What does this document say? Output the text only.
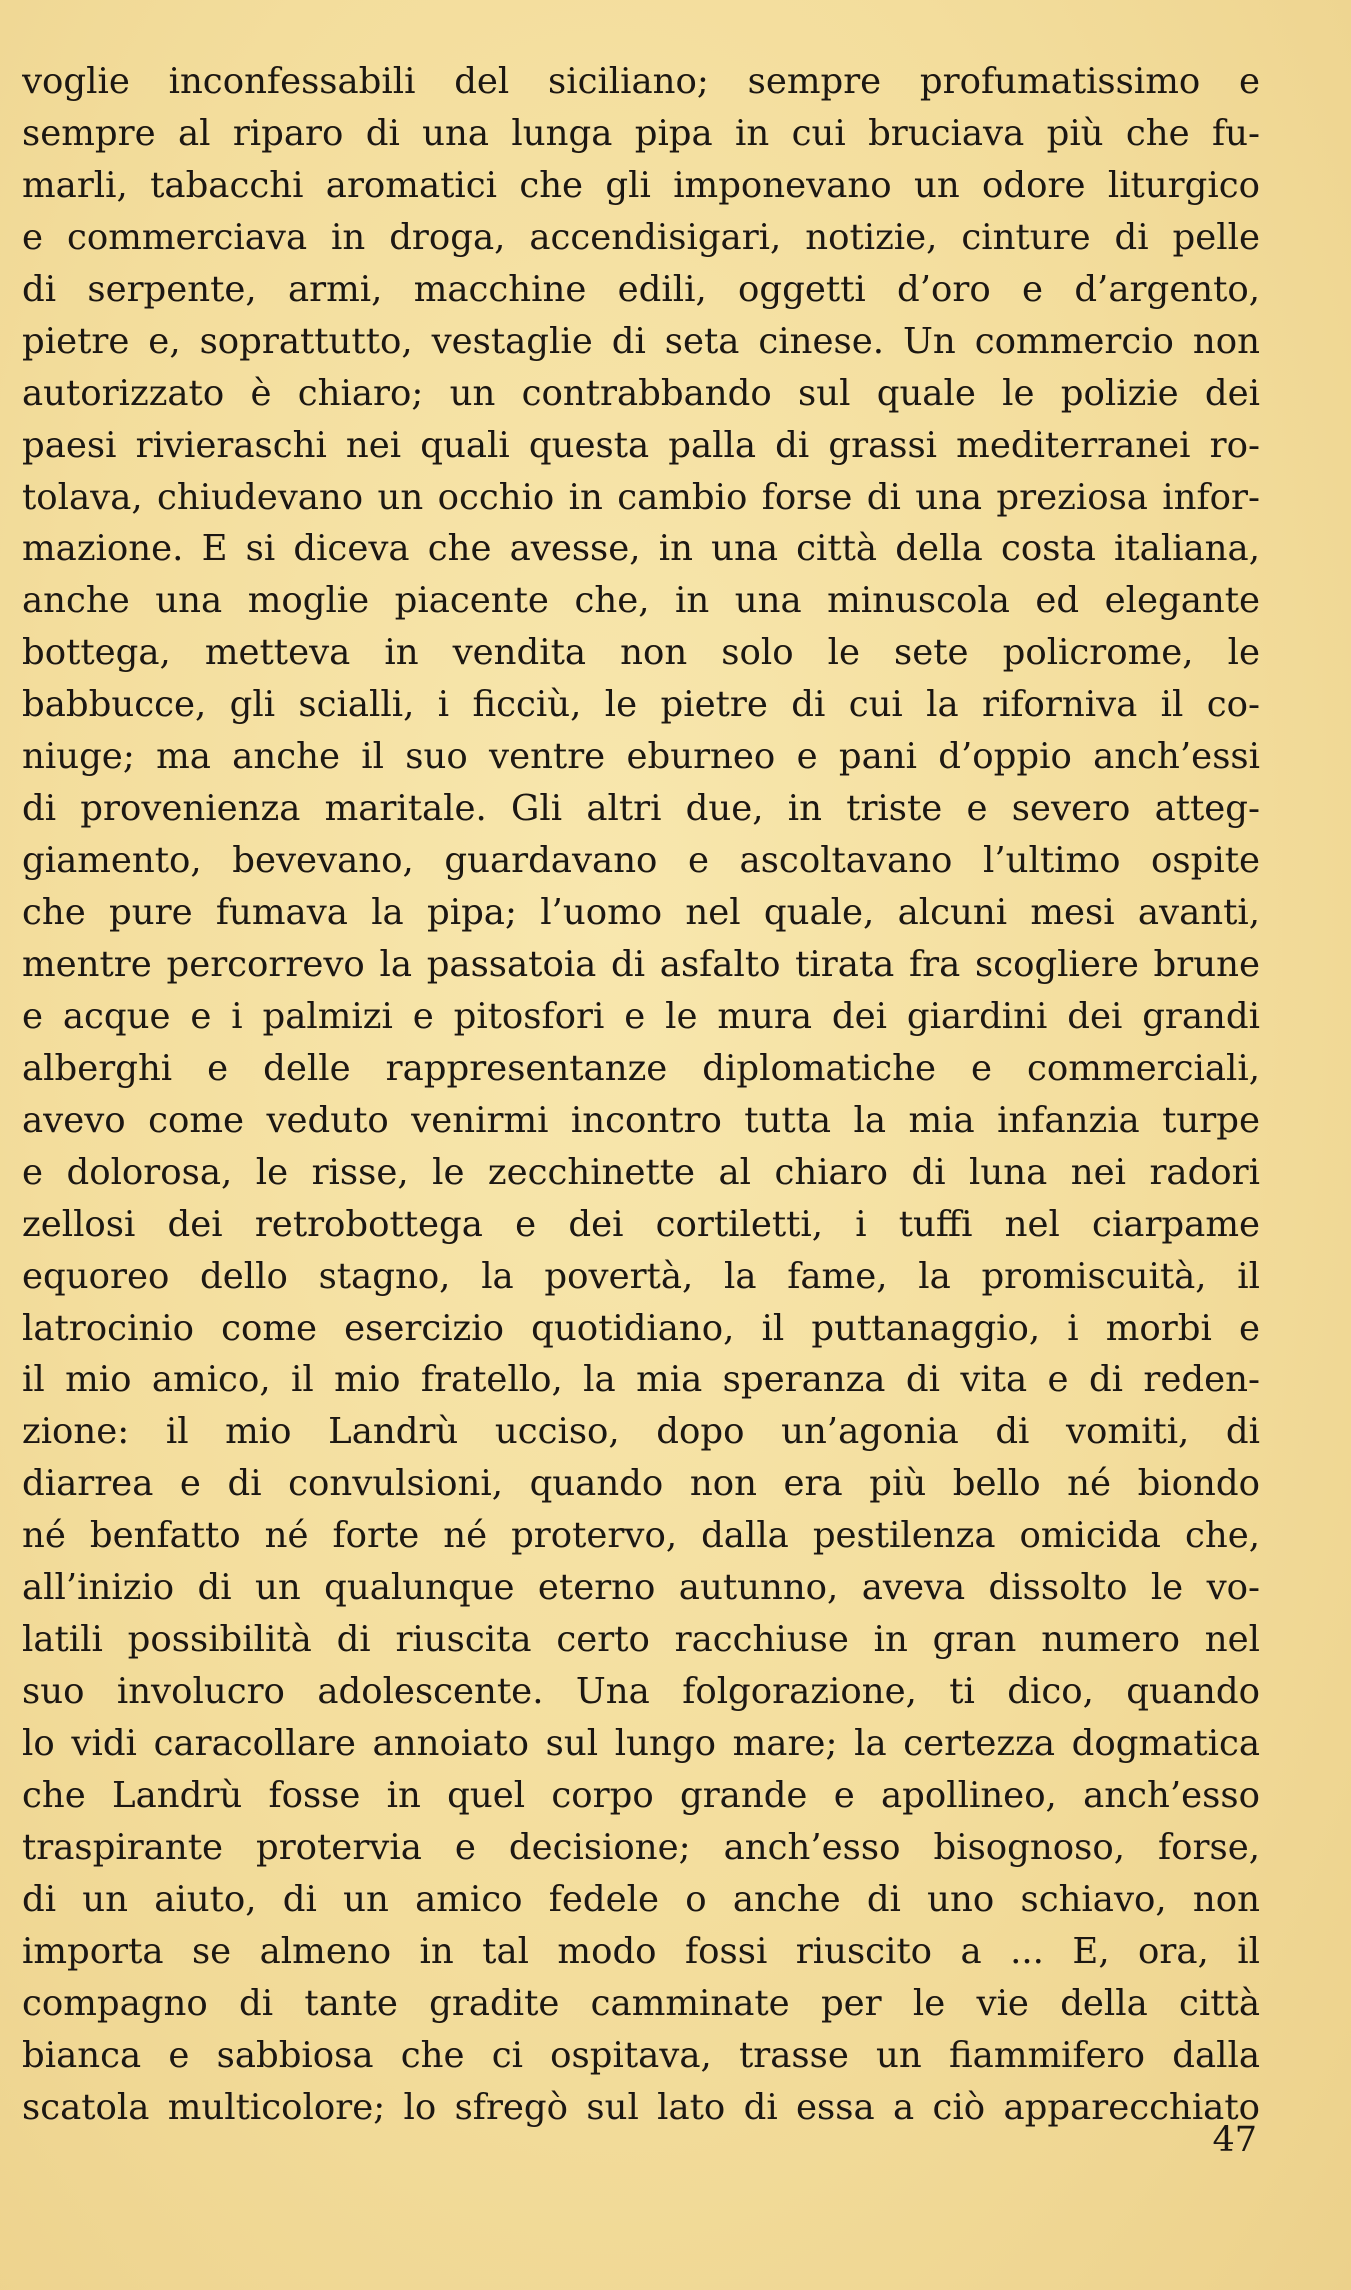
voglie inconfessabili del siciliano; sempre profumatissimo e
sempre al riparo di una lunga pipa in cui bruciava più che fu-
marli, tabacchi aromatici che gli imponevano un odore liturgico
e commerciava in droga, accendisigari, notizie, cinture di pelle
di serpente, armi, macchine edili, oggetti d’oro e d’argento,
pietre e, soprattutto, vestaglie di seta cinese. Un commercio non
autorizzato è chiaro; un contrabbando sul quale le polizie dei
paesi rivieraschi nei quali questa palla di grassi mediterranei ro-
tolava, chiudevano un occhio in cambio forse di una preziosa infor-
mazione. E si diceva che avesse, in una città della costa italiana,
anche una moglie piacente che, in una minuscola ed elegante
bottega, metteva in vendita non solo le sete policrome, le
babbucce, gli scialli, i ficciù, le pietre di cui la riforniva il co-
niuge; ma anche il suo ventre eburneo e pani d’oppio anch’essi
di provenienza maritale. Gli altri due, in triste e severo atteg-
giamento, bevevano, guardavano e ascoltavano l’ultimo ospite
che pure fumava la pipa; l’uomo nel quale, alcuni mesi avanti,
mentre percorrevo la passatoia di asfalto tirata fra scogliere brune
e acque e i palmizi e pitosfori e le mura dei giardini dei grandi
alberghi e delle rappresentanze diplomatiche e commerciali,
avevo come veduto venirmi incontro tutta la mia infanzia turpe
e dolorosa, le risse, le zecchinette al chiaro di luna nei radori
zellosi dei retrobottega e dei cortiletti, i tuffi nel ciarpame
equoreo dello stagno, la povertà, la fame, la promiscuità, il
latrocinio come esercizio quotidiano, il puttanaggio, i morbi e
il mio amico, il mio fratello, la mia speranza di vita e di reden-
zione: il mio Landrù ucciso, dopo un’agonia di vomiti, di
diarrea e di convulsioni, quando non era più bello né biondo
né benfatto né forte né protervo, dalla pestilenza omicida che,
all’inizio di un qualunque eterno autunno, aveva dissolto le vo-
latili possibilità di riuscita certo racchiuse in gran numero nel
suo involucro adolescente. Una folgorazione, ti dico, quando
lo vidi caracollare annoiato sul lungo mare; la certezza dogmatica
che Landrù fosse in quel corpo grande e apollineo, anch’esso
traspirante protervia e decisione; anch’esso bisognoso, forse,
di un aiuto, di un amico fedele o anche di uno schiavo, non
importa se almeno in tal modo fossi riuscito a ... E, ora, il
compagno di tante gradite camminate per le vie della città
bianca e sabbiosa che ci ospitava, trasse un fiammifero dalla
scatola multicolore; lo sfregò sul lato di essa a ciò apparecchiato
47
